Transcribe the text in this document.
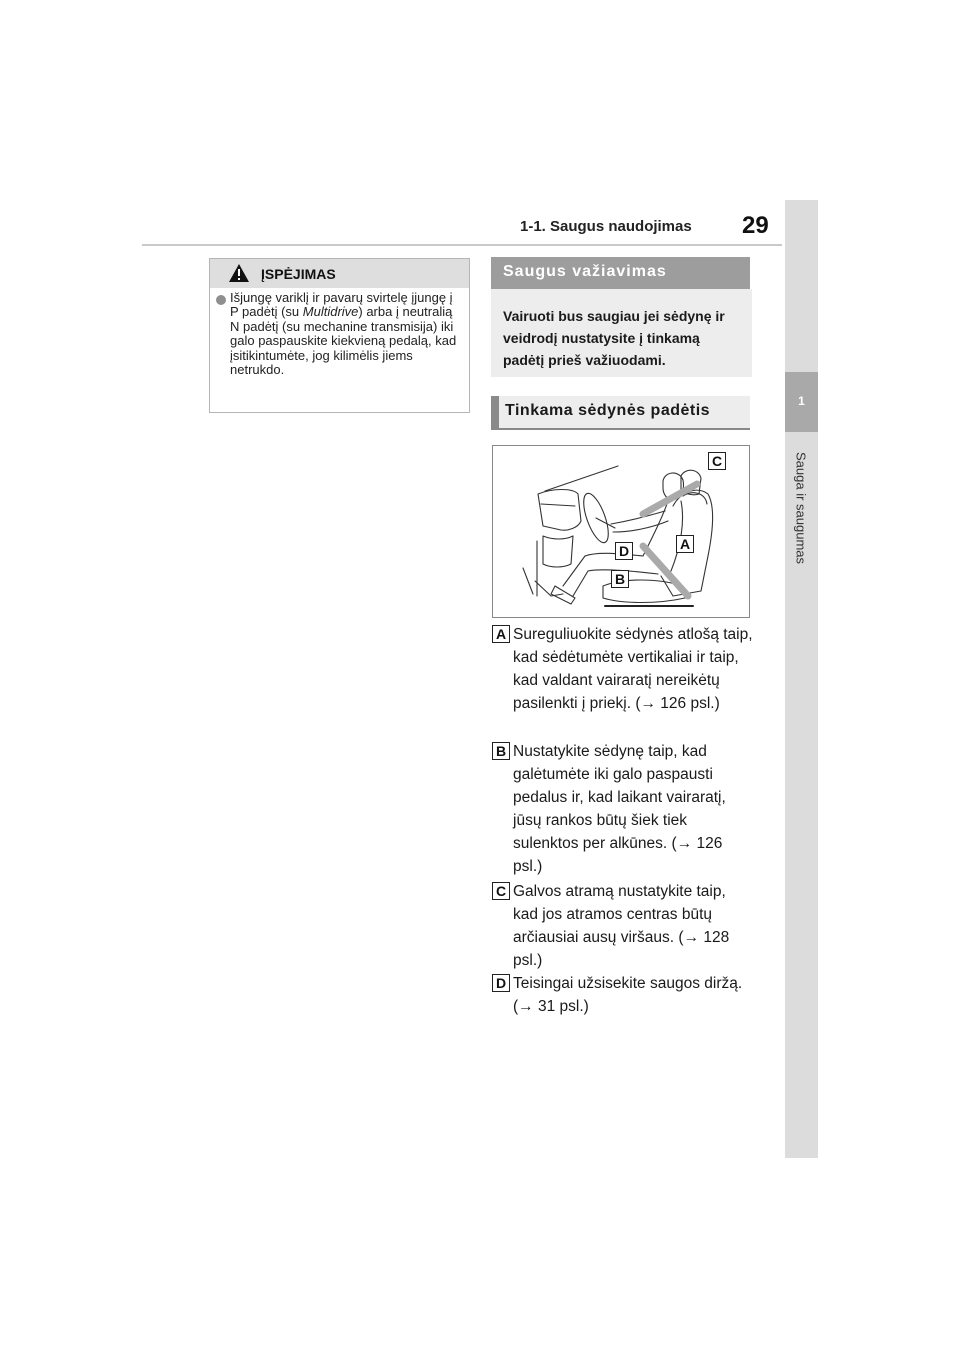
1-1. Saugus naudojimas 29
1
Sauga ir saugumas
ĮSPĖJIMAS
Išjungę variklį ir pavarų svirtelę įjungę į P padėtį (su Multidrive) arba į neutralią N padėtį (su mechanine transmisija) iki galo paspauskite kiekvieną pedalą, kad įsitikintumėte, jog kilimėlis jiems netrukdo.
Saugus važiavimas
Vairuoti bus saugiau jei sėdynę ir veidrodį nustatysite į tinkamą padėtį prieš važiuodami.
Tinkama sėdynės padėtis
C
A
D
B
A Sureguliuokite sėdynės atlošą taip, kad sėdėtumėte vertikaliai ir taip, kad valdant vairaratį nereikėtų pasilenkti į priekį. (→ 126 psl.)
B Nustatykite sėdynę taip, kad galėtumėte iki galo paspausti pedalus ir, kad laikant vairaratį, jūsų rankos būtų šiek tiek sulenktos per alkūnes. (→ 126 psl.)
C Galvos atramą nustatykite taip, kad jos atramos centras būtų arčiausiai ausų viršaus. (→ 128 psl.)
D Teisingai užsisekite saugos diržą. (→ 31 psl.)
